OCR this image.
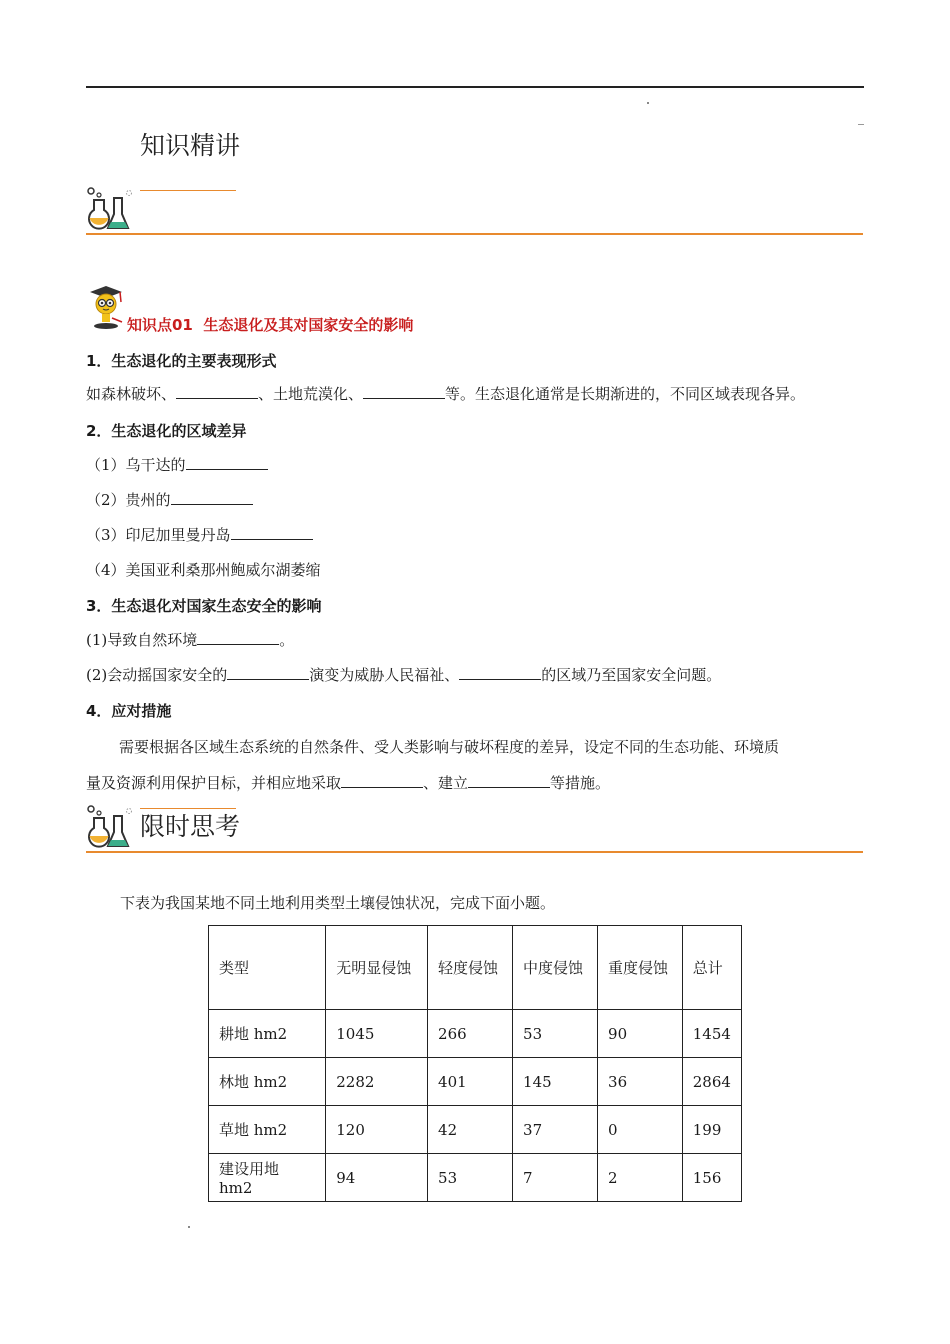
知识精讲
知识点01 生态退化及其对国家安全的影响
1．生态退化的主要表现形式
如森林破坏、	、土地荒漠化、	等。生态退化通常是长期渐进的，不同区域表现各异。
2．生态退化的区域差异
（1）乌干达的
（2）贵州的
（3）印尼加里曼丹岛
（4）美国亚利桑那州鲍威尔湖萎缩
3．生态退化对国家生态安全的影响
(1)导致自然环境	。
(2)会动摇国家安全的	演变为威胁人民福祉、	的区域乃至国家安全问题。
4．应对措施
需要根据各区域生态系统的自然条件、受人类影响与破坏程度的差异，设定不同的生态功能、环境质
量及资源利用保护目标，并相应地采取	、建立	等措施。
限时思考
下表为我国某地不同土地利用类型土壤侵蚀状况，完成下面小题。
类型	无明显侵蚀	轻度侵蚀	中度侵蚀	重度侵蚀	总计
耕地 hm2	1045	266	53	90	1454
林地 hm2	2282	401	145	36	2864
草地 hm2	120	42	37	0	199
建设用地 hm2	94	53	7	2	156
